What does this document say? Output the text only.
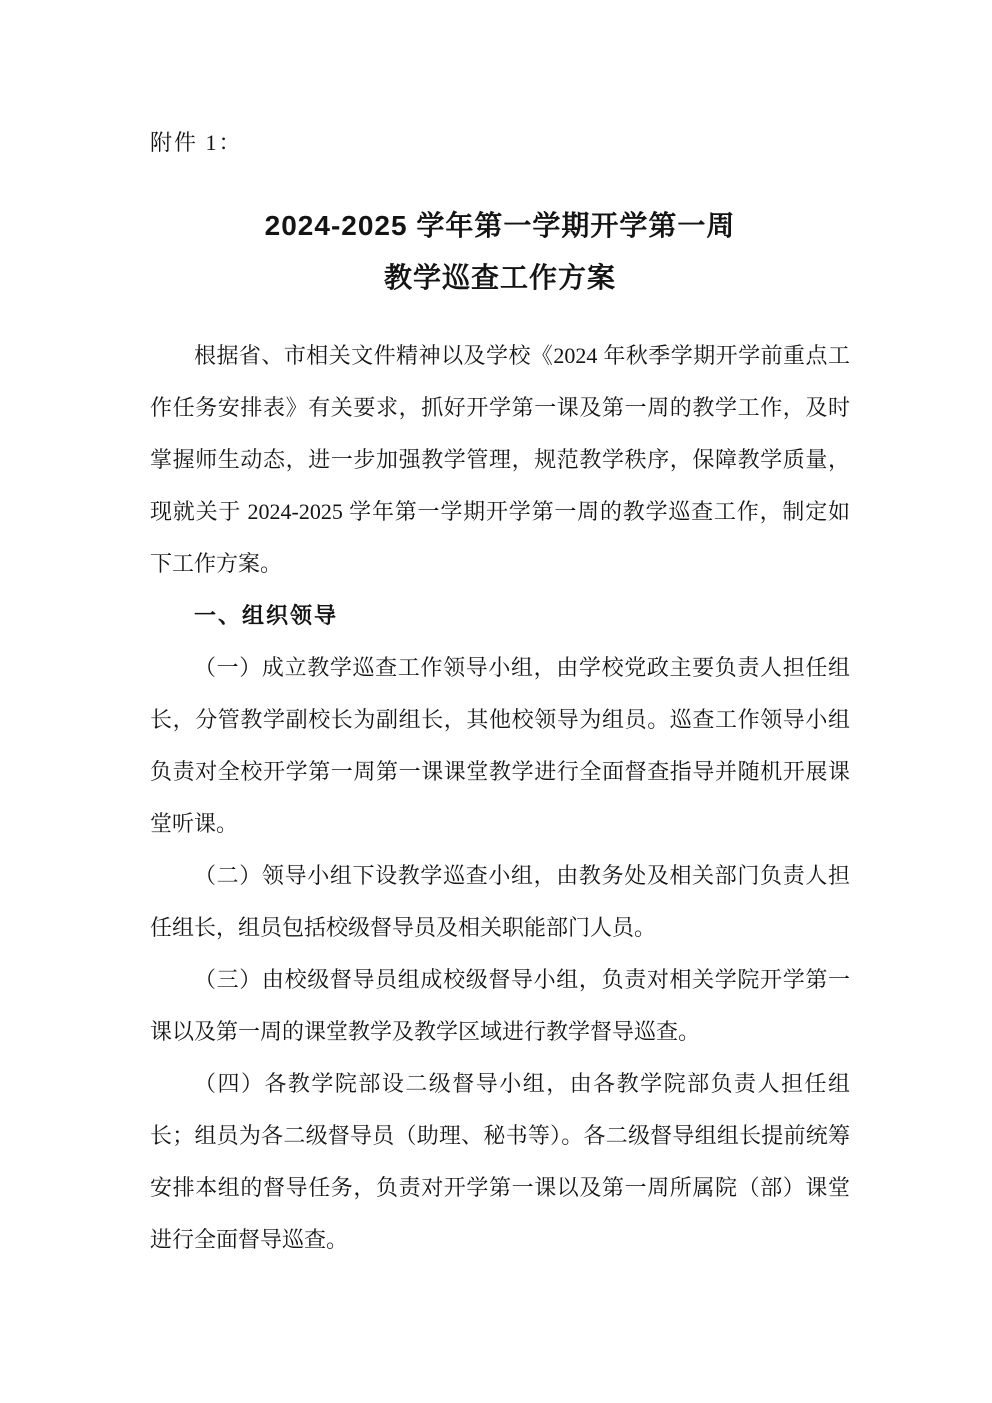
附件 1：

2024-2025 学年第一学期开学第一周
教学巡查工作方案

根据省、市相关文件精神以及学校《2024 年秋季学期开学前重点工作任务安排表》有关要求，抓好开学第一课及第一周的教学工作，及时掌握师生动态，进一步加强教学管理，规范教学秩序，保障教学质量，现就关于 2024-2025 学年第一学期开学第一周的教学巡查工作，制定如下工作方案。

一、组织领导

（一）成立教学巡查工作领导小组，由学校党政主要负责人担任组长，分管教学副校长为副组长，其他校领导为组员。巡查工作领导小组负责对全校开学第一周第一课课堂教学进行全面督查指导并随机开展课堂听课。

（二）领导小组下设教学巡查小组，由教务处及相关部门负责人担任组长，组员包括校级督导员及相关职能部门人员。

（三）由校级督导员组成校级督导小组，负责对相关学院开学第一课以及第一周的课堂教学及教学区域进行教学督导巡查。

（四）各教学院部设二级督导小组，由各教学院部负责人担任组长；组员为各二级督导员（助理、秘书等）。各二级督导组组长提前统筹安排本组的督导任务，负责对开学第一课以及第一周所属院（部）课堂进行全面督导巡查。
